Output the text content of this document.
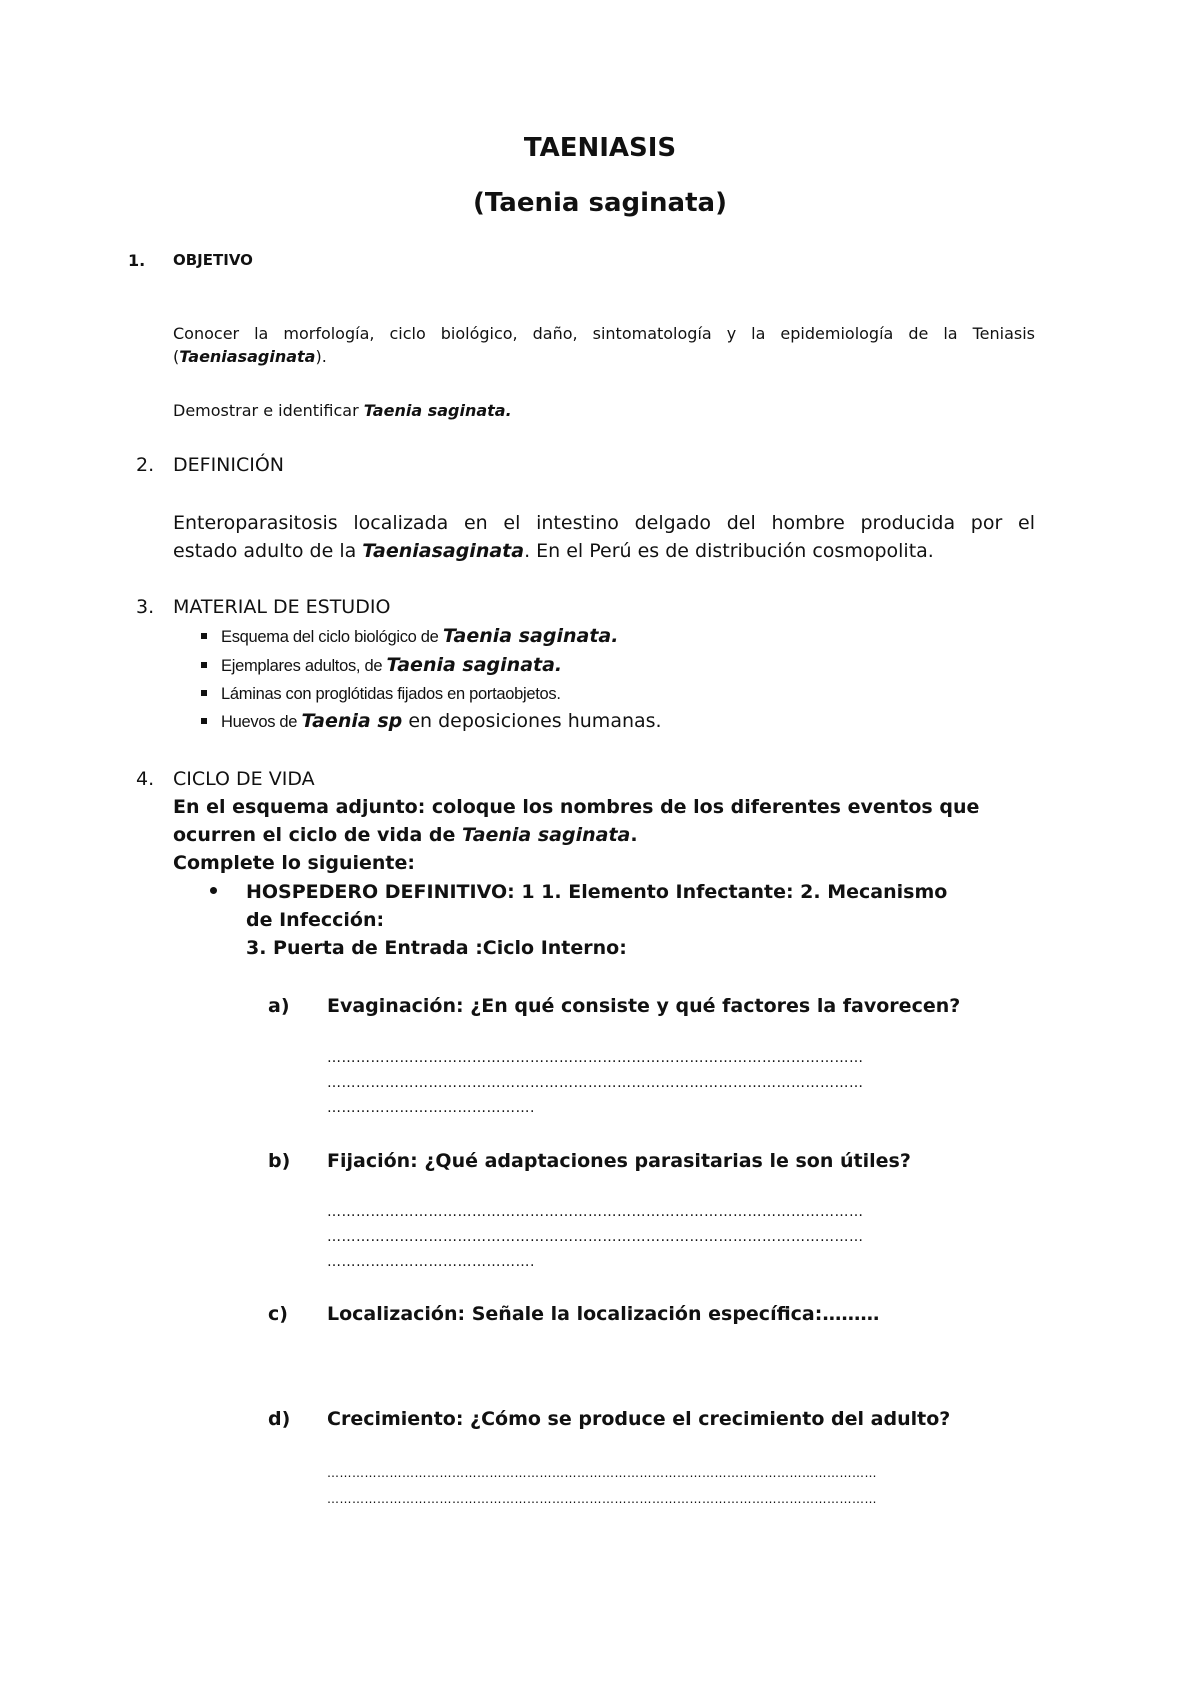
TAENIASIS
(Taenia saginata)
1. OBJETIVO
Conocer la morfología, ciclo biológico, daño, sintomatología y la epidemiología de la Teniasis
(Taeniasaginata).
Demostrar e identificar Taenia saginata.
2. DEFINICIÓN
Enteroparasitosis localizada en el intestino delgado del hombre producida por el
estado adulto de la Taeniasaginata. En el Perú es de distribución cosmopolita.
3. MATERIAL DE ESTUDIO
Esquema del ciclo biológico de Taenia saginata.
Ejemplares adultos, de Taenia saginata.
Láminas con proglótidas fijados en portaobjetos.
Huevos de Taenia sp en deposiciones humanas.
4. CICLO DE VIDA
En el esquema adjunto: coloque los nombres de los diferentes eventos que
ocurren el ciclo de vida de Taenia saginata.
Complete lo siguiente:
HOSPEDERO DEFINITIVO: 1 1. Elemento Infectante: 2. Mecanismo
de Infección:
3. Puerta de Entrada :Ciclo Interno:
a) Evaginación: ¿En qué consiste y qué factores la favorecen?
…………………………………………………………………………………………………
…………………………………………………………………………………………………
…………………………………….
b) Fijación: ¿Qué adaptaciones parasitarias le son útiles?
…………………………………………………………………………………………………
…………………………………………………………………………………………………
…………………………………….
c) Localización: Señale la localización específica:………
d) Crecimiento: ¿Cómo se produce el crecimiento del adulto?
……………………………………………………………………………………………………………………
……………………………………………………………………………………………………………………
